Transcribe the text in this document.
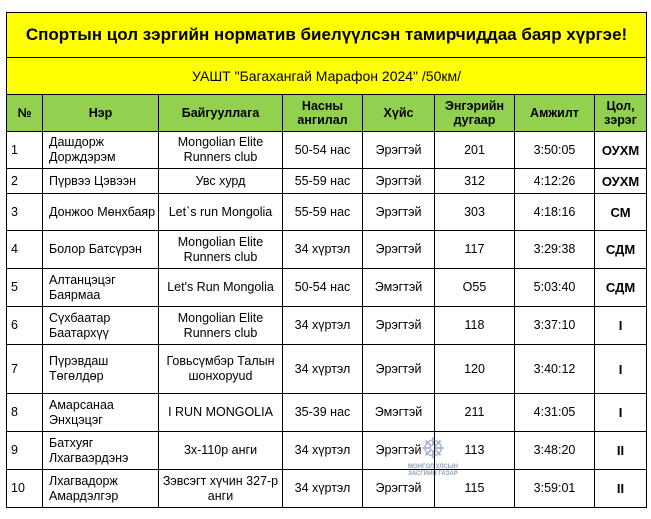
Спортын цол зэргийн норматив биелүүлсэн тамирчиддаа баяр хүргэе!							
УАШТ "Багахангай Марафон 2024" /50км/							
№	Нэр	Байгууллага	Насны ангилал	Хүйс	Энгэрийн дугаар	Амжилт	Цол, зэрэг
1	Дашдорж Дорждэрэм	Mongolian Elite Runners club	50-54 нас	Эрэгтэй	201	3:50:05	ОУХМ
2	Пүрвээ Цэвээн	Увс хурд	55-59 нас	Эрэгтэй	312	4:12:26	ОУХМ
3	Донжоо Мөнхбаяр	Let`s run Mongolia	55-59 нас	Эрэгтэй	303	4:18:16	СМ
4	Болор Батсүрэн	Mongolian Elite Runners club	34 хүртэл	Эрэгтэй	117	3:29:38	СДМ
5	Алтанцэцэг Баярмаа	Let's Run Mongolia	50-54 нас	Эмэгтэй	O55	5:03:40	СДМ
6	Сүхбаатар Баатархүү	Mongolian Elite Runners club	34 хүртэл	Эрэгтэй	118	3:37:10	I
7	Пүрэвдаш Төгөлдөр	Говьсүмбэр Талын шонхоруud	34 хүртэл	Эрэгтэй	120	3:40:12	I
8	Амарсанаа Энхцэцэг	I RUN MONGOLIA	35-39 нас	Эмэгтэй	211	4:31:05	I
9	Батхуяг Лхагваэрдэнэ	3х-110р анги	34 хүртэл	Эрэгтэй	113	3:48:20	II
10	Лхагвадорж Амардэлгэр	Зэвсэгт хүчин 327-р анги	34 хүртэл	Эрэгтэй	115	3:59:01	II
☸
МОНГОЛ УЛСЫН ЗАСГИЙН ГАЗАР
